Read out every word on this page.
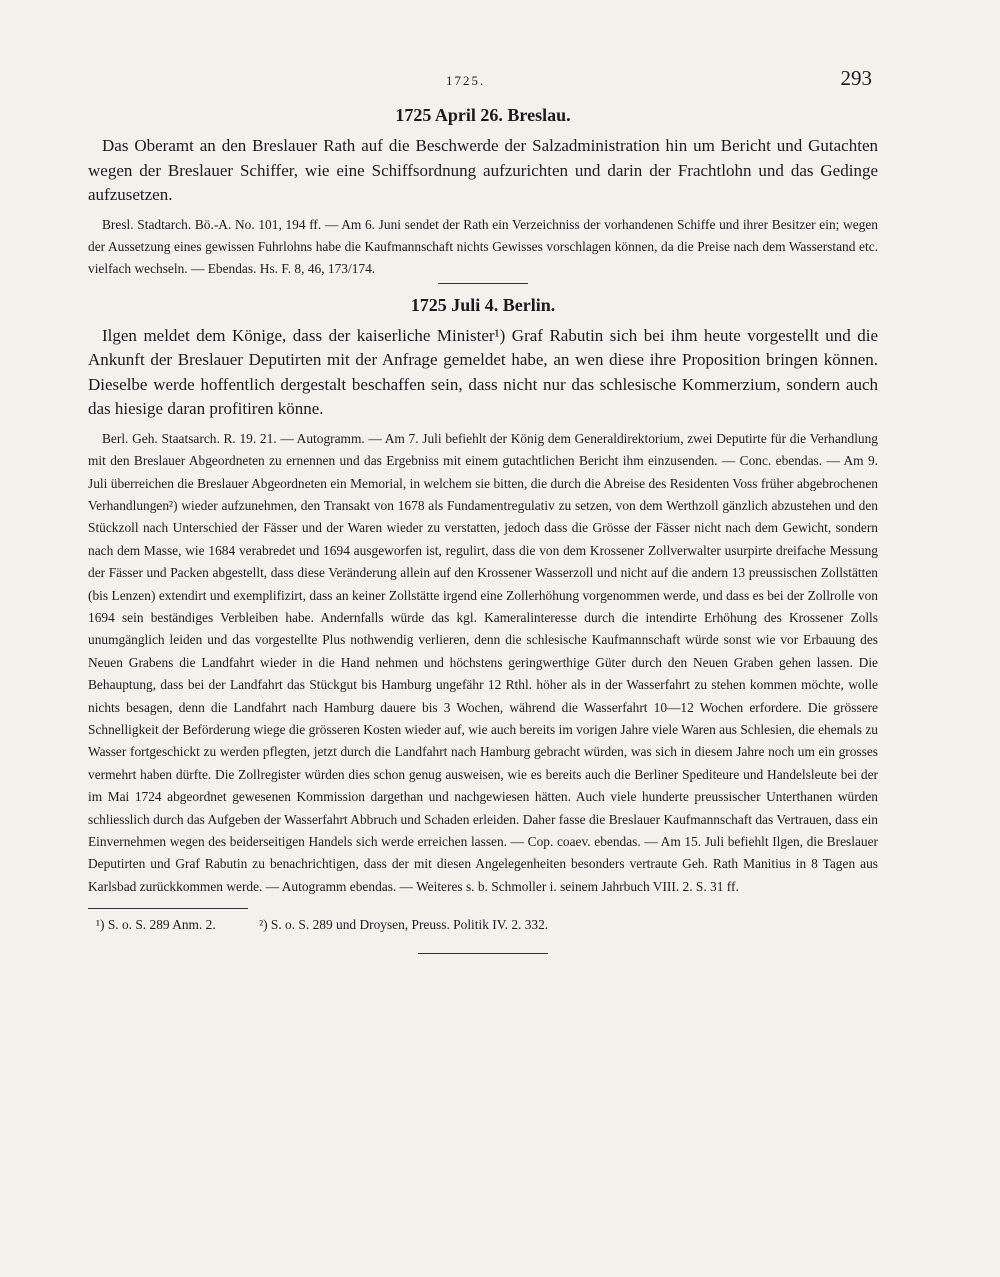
1725.	293
1725 April 26. Breslau.

Das Oberamt an den Breslauer Rath auf die Beschwerde der Salzadministration hin um Bericht und Gutachten wegen der Breslauer Schiffer, wie eine Schiffsordnung aufzurichten und darin der Frachtlohn und das Gedinge aufzusetzen.

Bresl. Stadtarch. Bö.-A. No. 101, 194 ff. — Am 6. Juni sendet der Rath ein Verzeichniss der vorhandenen Schiffe und ihrer Besitzer ein; wegen der Aussetzung eines gewissen Fuhrlohns habe die Kaufmannschaft nichts Gewisses vorschlagen können, da die Preise nach dem Wasserstand etc. vielfach wechseln. — Ebendas. Hs. F. 8, 46, 173/174.

1725 Juli 4. Berlin.

Ilgen meldet dem Könige, dass der kaiserliche Minister¹) Graf Rabutin sich bei ihm heute vorgestellt und die Ankunft der Breslauer Deputirten mit der Anfrage gemeldet habe, an wen diese ihre Proposition bringen können. Dieselbe werde hoffentlich dergestalt beschaffen sein, dass nicht nur das schlesische Kommerzium, sondern auch das hiesige daran profitiren könne.

Berl. Geh. Staatsarch. R. 19. 21. — Autogramm. — Am 7. Juli befiehlt der König dem Generaldirektorium, zwei Deputirte für die Verhandlung mit den Breslauer Abgeordneten zu ernennen und das Ergebniss mit einem gutachtlichen Bericht ihm einzusenden. — Conc. ebendas. — Am 9. Juli überreichen die Breslauer Abgeordneten ein Memorial, in welchem sie bitten, die durch die Abreise des Residenten Voss früher abgebrochenen Verhandlungen²) wieder aufzunehmen, den Transakt von 1678 als Fundamentregulativ zu setzen, von dem Werthzoll gänzlich abzustehen und den Stückzoll nach Unterschied der Fässer und der Waren wieder zu verstatten, jedoch dass die Grösse der Fässer nicht nach dem Gewicht, sondern nach dem Masse, wie 1684 verabredet und 1694 ausgeworfen ist, regulirt, dass die von dem Krossener Zollverwalter usurpirte dreifache Messung der Fässer und Packen abgestellt, dass diese Veränderung allein auf den Krossener Wasserzoll und nicht auf die andern 13 preussischen Zollstätten (bis Lenzen) extendirt und exemplifizirt, dass an keiner Zollstätte irgend eine Zollerhöhung vorgenommen werde, und dass es bei der Zollrolle von 1694 sein beständiges Verbleiben habe. Andernfalls würde das kgl. Kameralinteresse durch die intendirte Erhöhung des Krossener Zolls unumgänglich leiden und das vorgestellte Plus nothwendig verlieren, denn die schlesische Kaufmannschaft würde sonst wie vor Erbauung des Neuen Grabens die Landfahrt wieder in die Hand nehmen und höchstens geringwerthige Güter durch den Neuen Graben gehen lassen. Die Behauptung, dass bei der Landfahrt das Stückgut bis Hamburg ungefähr 12 Rthl. höher als in der Wasserfahrt zu stehen kommen möchte, wolle nichts besagen, denn die Landfahrt nach Hamburg dauere bis 3 Wochen, während die Wasserfahrt 10—12 Wochen erfordere. Die grössere Schnelligkeit der Beförderung wiege die grösseren Kosten wieder auf, wie auch bereits im vorigen Jahre viele Waren aus Schlesien, die ehemals zu Wasser fortgeschickt zu werden pflegten, jetzt durch die Landfahrt nach Hamburg gebracht würden, was sich in diesem Jahre noch um ein grosses vermehrt haben dürfte. Die Zollregister würden dies schon genug ausweisen, wie es bereits auch die Berliner Spediteure und Handelsleute bei der im Mai 1724 abgeordnet gewesenen Kommission dargethan und nachgewiesen hätten. Auch viele hunderte preussischer Unterthanen würden schliesslich durch das Aufgeben der Wasserfahrt Abbruch und Schaden erleiden. Daher fasse die Breslauer Kaufmannschaft das Vertrauen, dass ein Einvernehmen wegen des beiderseitigen Handels sich werde erreichen lassen. — Cop. coaev. ebendas. — Am 15. Juli befiehlt Ilgen, die Breslauer Deputirten und Graf Rabutin zu benachrichtigen, dass der mit diesen Angelegenheiten besonders vertraute Geh. Rath Manitius in 8 Tagen aus Karlsbad zurückkommen werde. — Autogramm ebendas. — Weiteres s. b. Schmoller i. seinem Jahrbuch VIII. 2. S. 31 ff.

¹) S. o. S. 289 Anm. 2.	²) S. o. S. 289 und Droysen, Preuss. Politik IV. 2. 332.
